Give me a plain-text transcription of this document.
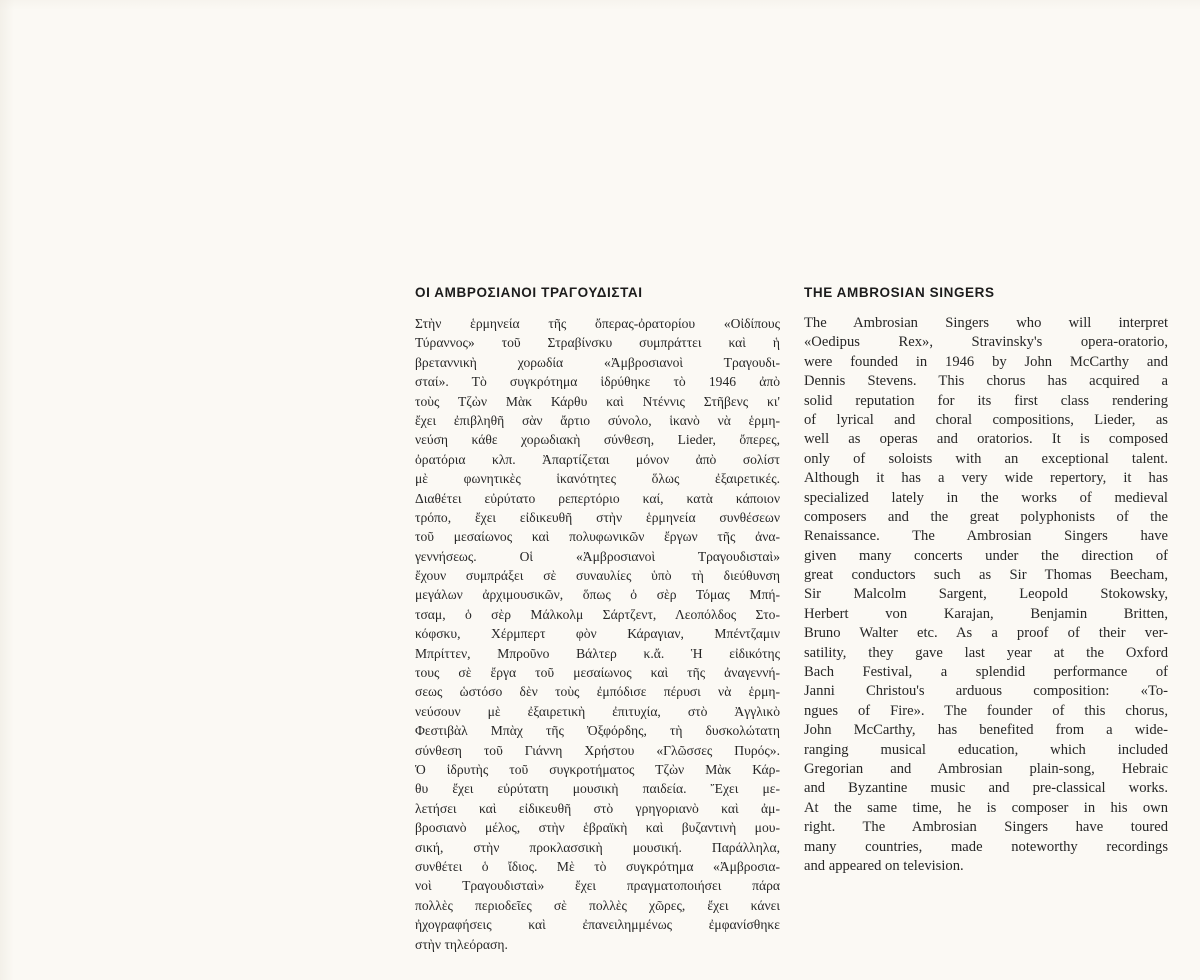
ΟΙ ΑΜΒΡΟΣΙΑΝΟΙ ΤΡΑΓΟΥΔΙΣΤΑΙ
Στὴν ἑρμηνεία τῆς ὄπερας-ὀρατορίου «Οἰδίπους
Τύραννος» τοῦ Στραβίνσκυ συμπράττει καὶ ἡ
βρεταννικὴ χορωδία «Ἀμβροσιανοὶ Τραγουδι-
σταί». Τὸ συγκρότημα ἱδρύθηκε τὸ 1946 ἀπὸ
τοὺς Τζὼν Μὰκ Κάρθυ καὶ Ντέννις Στῆβενς κι'
ἔχει ἐπιβληθῆ σὰν ἄρτιο σύνολο, ἱκανὸ νὰ ἑρμη-
νεύση κάθε χορωδιακὴ σύνθεση, Lieder, ὄπερες,
ὀρατόρια κλπ. Ἀπαρτίζεται μόνον ἀπὸ σολίστ
μὲ φωνητικὲς ἱκανότητες ὅλως ἐξαιρετικές.
Διαθέτει εὐρύτατο ρεπερτόριο καί, κατὰ κάποιον
τρόπο, ἔχει εἰδικευθῆ στὴν ἑρμηνεία συνθέσεων
τοῦ μεσαίωνος καὶ πολυφωνικῶν ἔργων τῆς ἀνα-
γεννήσεως. Οἱ «Ἀμβροσιανοὶ Τραγουδισταὶ»
ἔχουν συμπράξει σὲ συναυλίες ὑπὸ τὴ διεύθυνση
μεγάλων ἀρχιμουσικῶν, ὅπως ὁ σὲρ Τόμας Μπή-
τσαμ, ὁ σὲρ Μάλκολμ Σάρτζεντ, Λεοπόλδος Στο-
κόφσκυ, Χέρμπερτ φὸν Κάραγιαν, Μπέντζαμιν
Μπρίττεν, Μπροῦνο Βάλτερ κ.ἄ. Ἡ εἰδικότης
τους σὲ ἔργα τοῦ μεσαίωνος καὶ τῆς ἀναγεννή-
σεως ὡστόσο δὲν τοὺς ἐμπόδισε πέρυσι νὰ ἑρμη-
νεύσουν μὲ ἐξαιρετικὴ ἐπιτυχία, στὸ Ἀγγλικὸ
Φεστιβὰλ Μπὰχ τῆς Ὀξφόρδης, τὴ δυσκολώτατη
σύνθεση τοῦ Γιάννη Χρήστου «Γλῶσσες Πυρός».
Ὁ ἱδρυτὴς τοῦ συγκροτήματος Τζὼν Μὰκ Κάρ-
θυ ἔχει εὐρύτατη μουσικὴ παιδεία. Ἔχει με-
λετήσει καὶ εἰδικευθῆ στὸ γρηγοριανὸ καὶ ἀμ-
βροσιανὸ μέλος, στὴν ἑβραϊκὴ καὶ βυζαντινὴ μου-
σική, στὴν προκλασσικὴ μουσική. Παράλληλα,
συνθέτει ὁ ἴδιος. Μὲ τὸ συγκρότημα «Ἀμβροσια-
νοὶ Τραγουδισταὶ» ἔχει πραγματοποιήσει πάρα
πολλὲς περιοδεῖες σὲ πολλὲς χῶρες, ἔχει κάνει
ἠχογραφήσεις καὶ ἐπανειλημμένως ἐμφανίσθηκε
στὴν τηλεόραση.
THE AMBROSIAN SINGERS
The Ambrosian Singers who will interpret
«Oedipus Rex», Stravinsky's opera-oratorio,
were founded in 1946 by John McCarthy and
Dennis Stevens. This chorus has acquired a
solid reputation for its first class rendering
of lyrical and choral compositions, Lieder, as
well as operas and oratorios. It is composed
only of soloists with an exceptional talent.
Although it has a very wide repertory, it has
specialized lately in the works of medieval
composers and the great polyphonists of the
Renaissance. The Ambrosian Singers have
given many concerts under the direction of
great conductors such as Sir Thomas Beecham,
Sir Malcolm Sargent, Leopold Stokowsky,
Herbert von Karajan, Benjamin Britten,
Bruno Walter etc. As a proof of their ver-
satility, they gave last year at the Oxford
Bach Festival, a splendid performance of
Janni Christou's arduous composition: «To-
ngues of Fire». The founder of this chorus,
John McCarthy, has benefited from a wide-
ranging musical education, which included
Gregorian and Ambrosian plain-song, Hebraic
and Byzantine music and pre-classical works.
At the same time, he is composer in his own
right. The Ambrosian Singers have toured
many countries, made noteworthy recordings
and appeared on television.
